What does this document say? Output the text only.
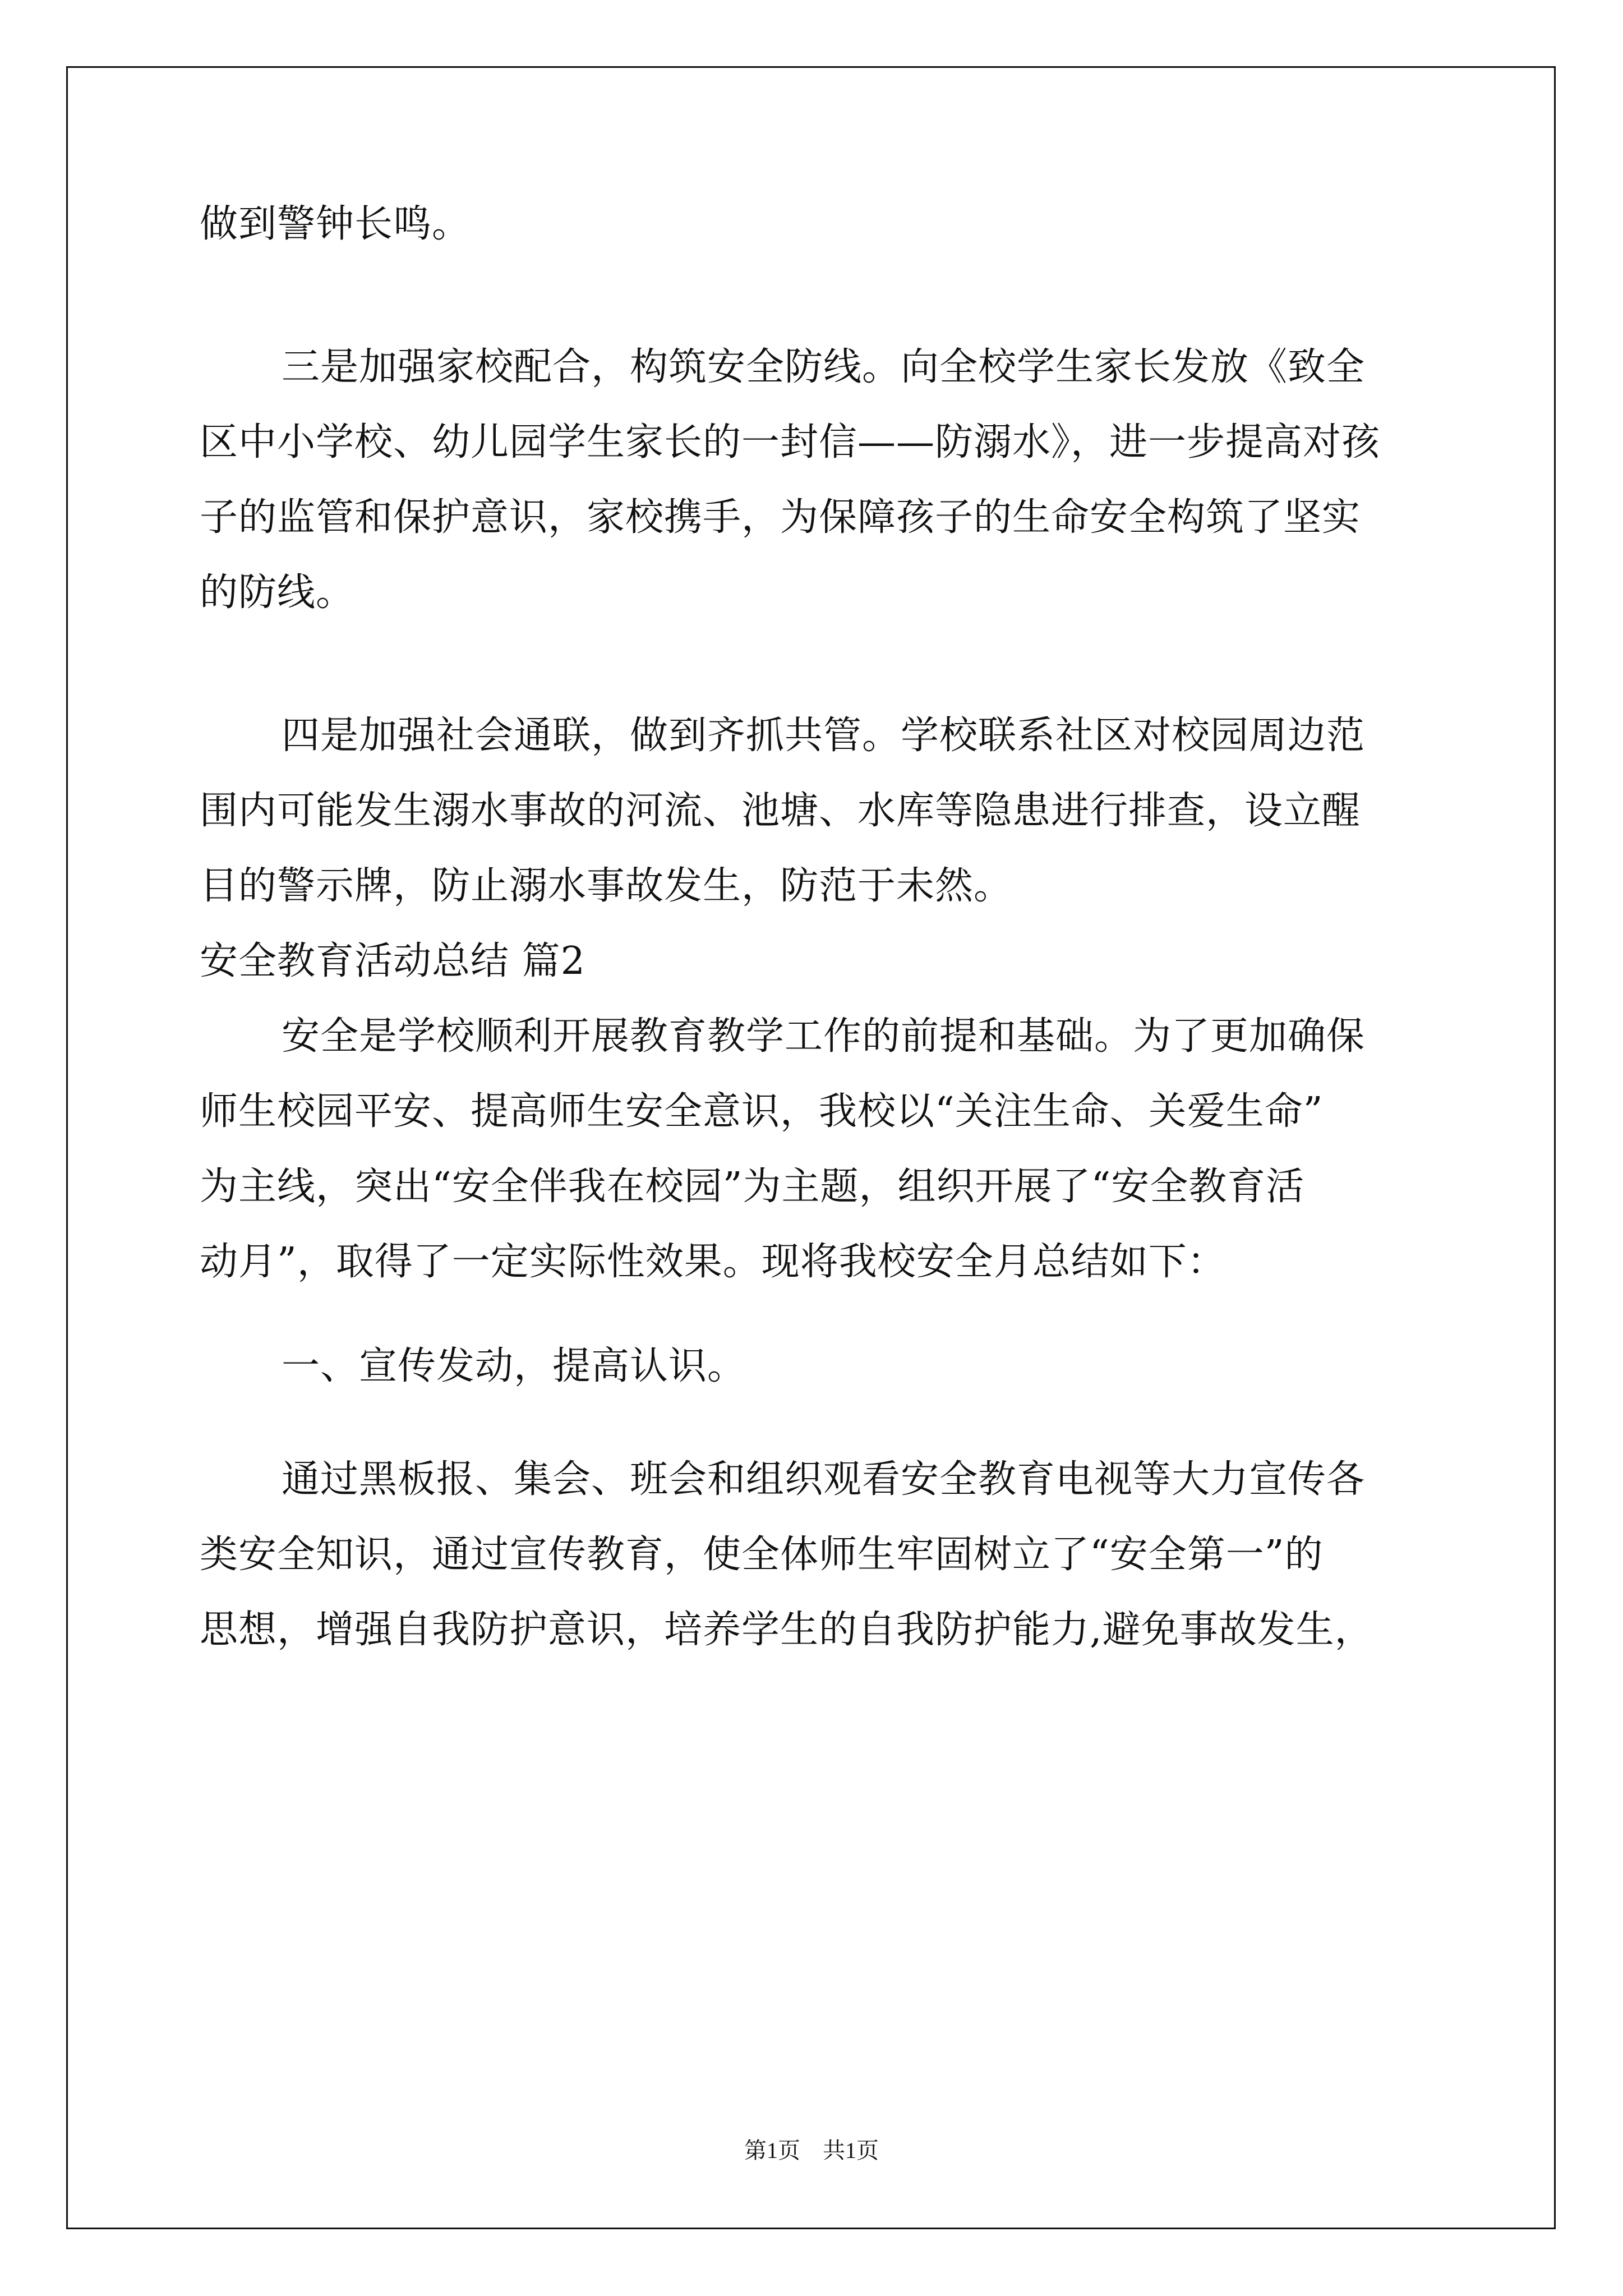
做到警钟长鸣。
三是加强家校配合，构筑安全防线。向全校学生家长发放《致全
区中小学校、幼儿园学生家长的一封信——防溺水》，进一步提高对孩
子的监管和保护意识，家校携手，为保障孩子的生命安全构筑了坚实
的防线。
四是加强社会通联，做到齐抓共管。学校联系社区对校园周边范
围内可能发生溺水事故的河流、池塘、水库等隐患进行排查，设立醒
目的警示牌，防止溺水事故发生，防范于未然。
安全教育活动总结 篇2
安全是学校顺利开展教育教学工作的前提和基础。为了更加确保
师生校园平安、提高师生安全意识，我校以“关注生命、关爱生命”
为主线，突出“安全伴我在校园”为主题，组织开展了“安全教育活
动月”，取得了一定实际性效果。现将我校安全月总结如下：
一、宣传发动，提高认识。
通过黑板报、集会、班会和组织观看安全教育电视等大力宣传各
类安全知识，通过宣传教育，使全体师生牢固树立了“安全第一”的
思想，增强自我防护意识，培养学生的自我防护能力,避免事故发生，
第1页　共1页
